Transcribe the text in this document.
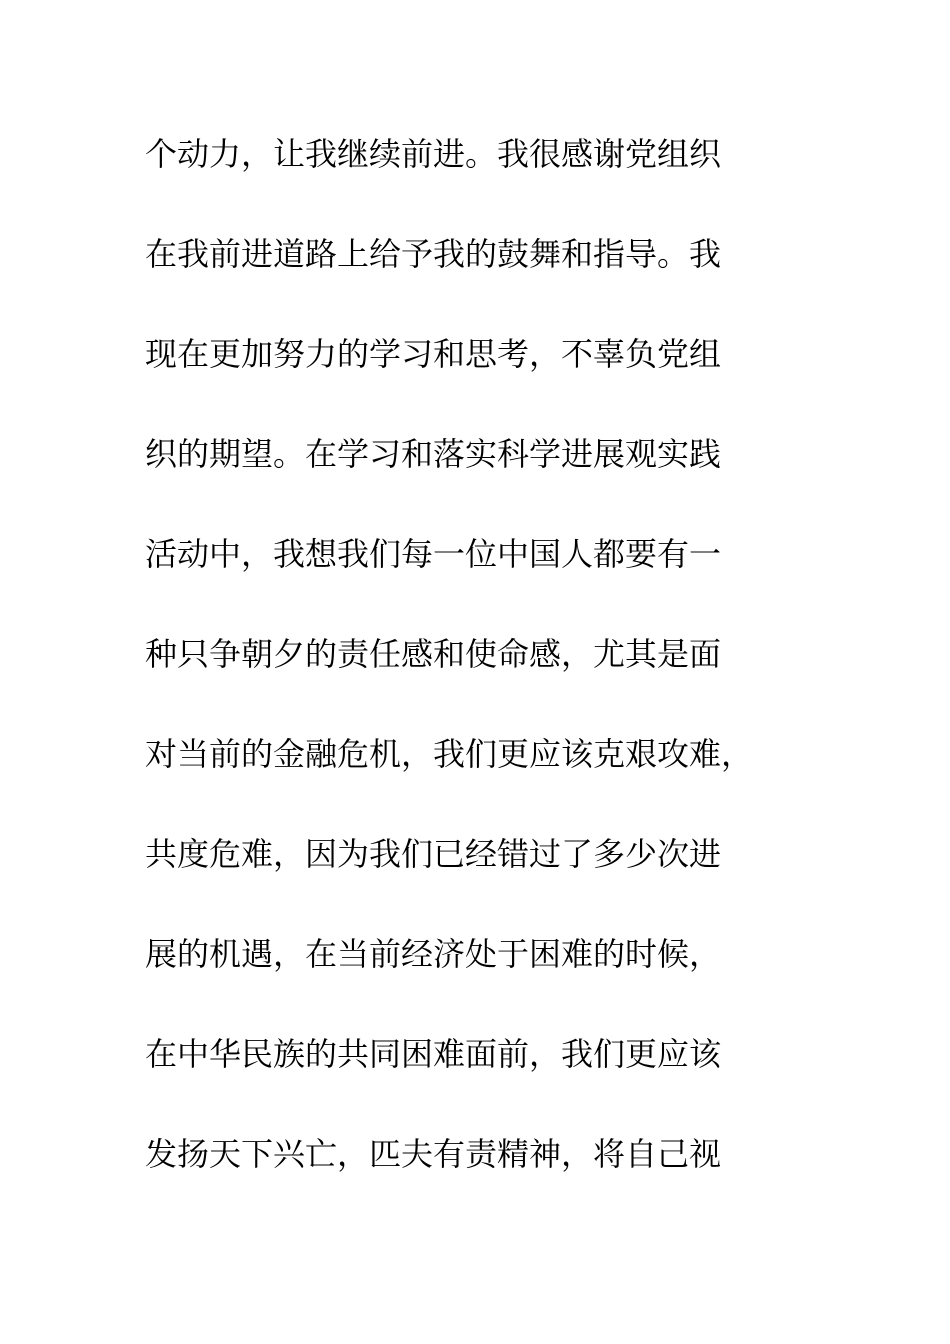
个动力，让我继续前进。我很感谢党组织
在我前进道路上给予我的鼓舞和指导。我
现在更加努力的学习和思考，不辜负党组
织的期望。在学习和落实科学进展观实践
活动中，我想我们每一位中国人都要有一
种只争朝夕的责任感和使命感，尤其是面
对当前的金融危机，我们更应该克艰攻难，
共度危难，因为我们已经错过了多少次进
展的机遇，在当前经济处于困难的时候，
在中华民族的共同困难面前，我们更应该
发扬天下兴亡，匹夫有责精神，将自己视
